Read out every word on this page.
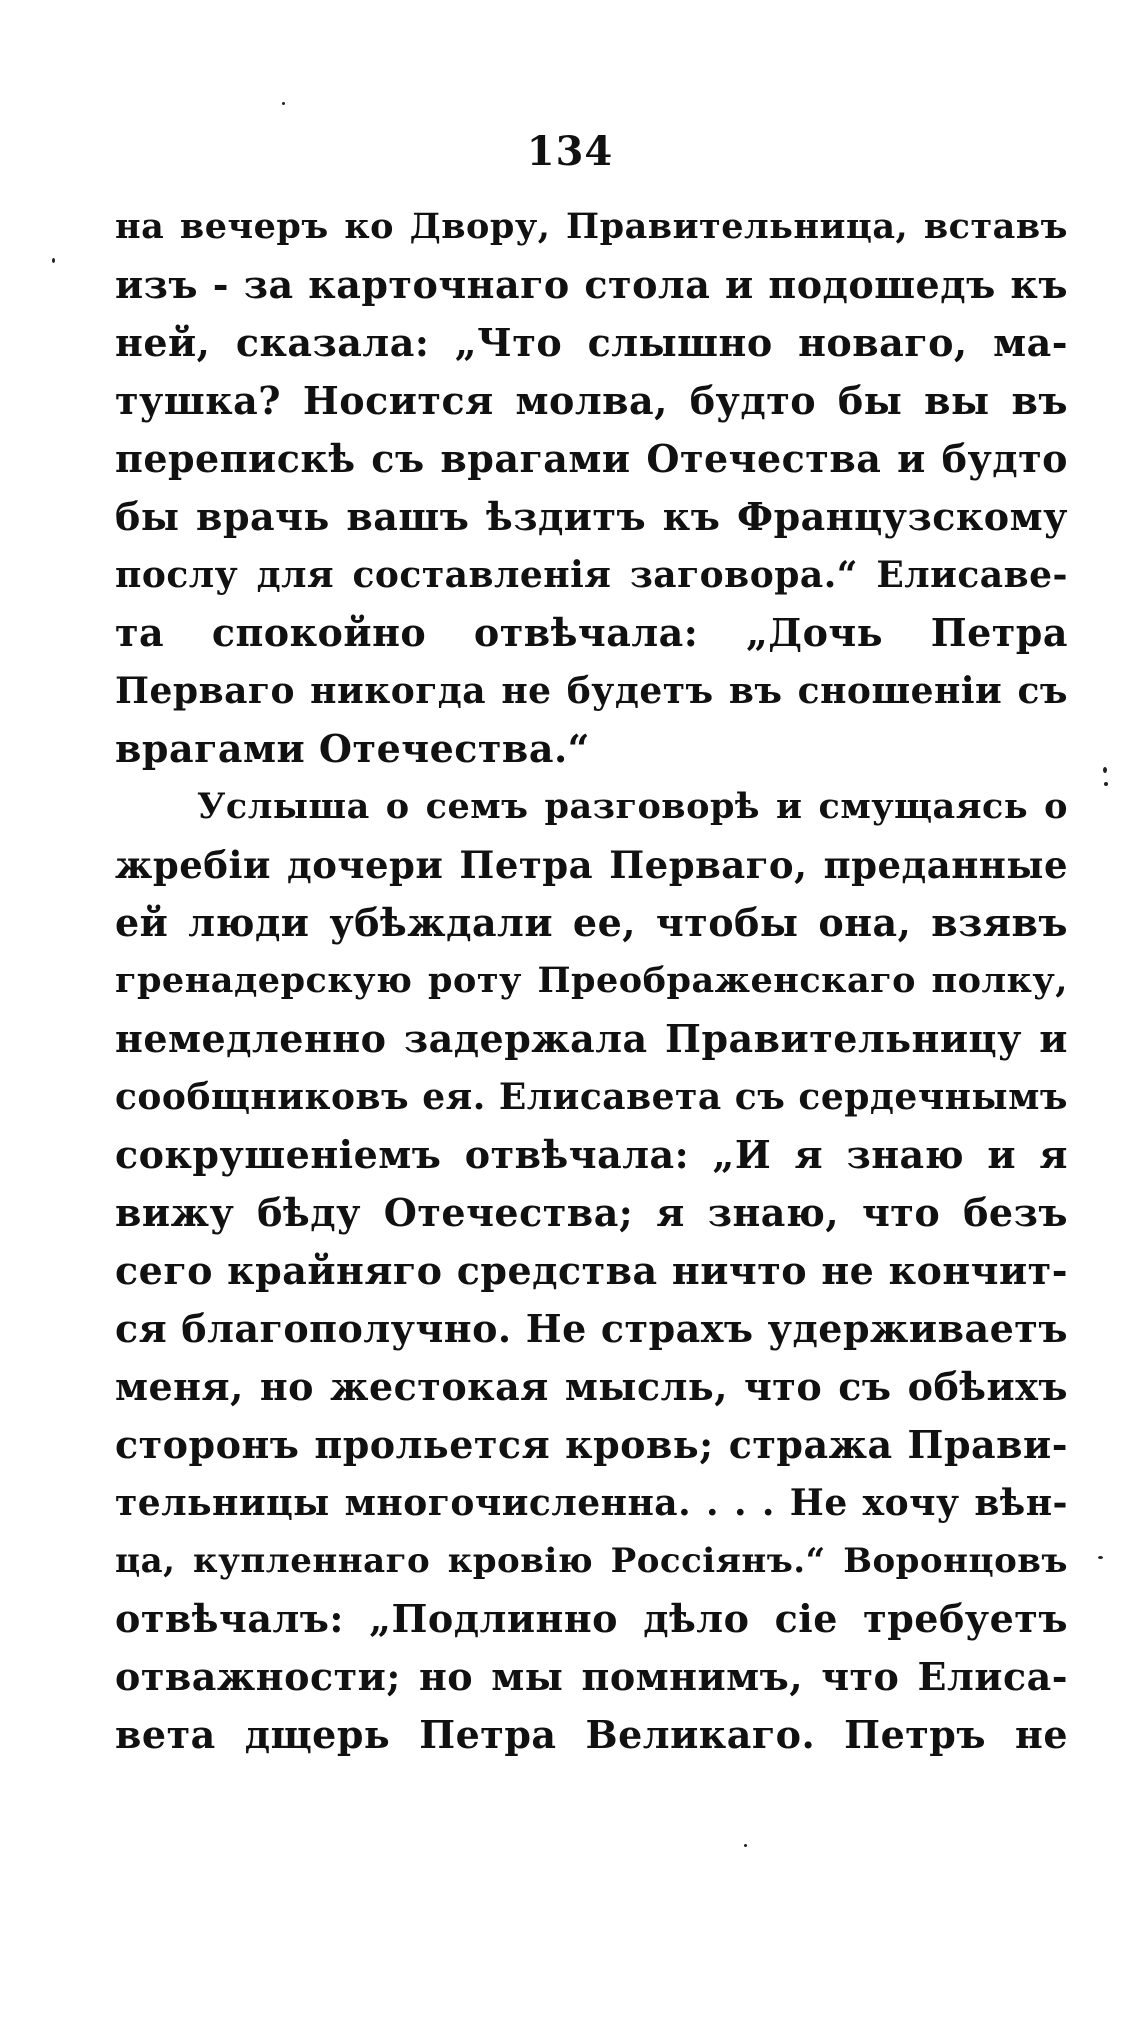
134
на вечеръ ко Двору, Правительница, вставъ
изъ - за карточнаго стола и подошедъ къ
ней, сказала: „Что слышно новаго, ма-
тушка? Носится молва, будто бы вы въ
перепискѣ съ врагами Отечества и будто
бы врачь вашъ ѣздитъ къ Французскому
послу для составленія заговора.“ Елисаве-
та спокойно отвѣчала: „Дочь Петра
Перваго никогда не будетъ въ сношеніи съ
врагами Отечества.“
Услыша о семъ разговорѣ и смущаясь о
жребіи дочери Петра Перваго, преданные
ей люди убѣждали ее, чтобы она, взявъ
гренадерскую роту Преображенскаго полку,
немедленно задержала Правительницу и
сообщниковъ ея. Елисавета съ сердечнымъ
сокрушеніемъ отвѣчала: „И я знаю и я
вижу бѣду Отечества; я знаю, что безъ
сего крайняго средства ничто не кончит-
ся благополучно. Не страхъ удерживаетъ
меня, но жестокая мысль, что съ обѣихъ
сторонъ прольется кровь; стража Прави-
тельницы многочисленна. . . . Не хочу вѣн-
ца, купленнаго кровію Россіянъ.“ Воронцовъ
отвѣчалъ: „Подлинно дѣло сіе требуетъ
отважности; но мы помнимъ, что Елиса-
вета дщерь Петра Великаго. Петръ не
